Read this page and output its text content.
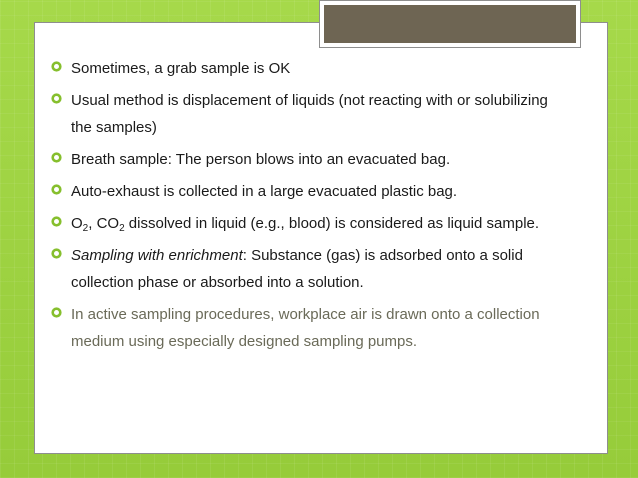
Sometimes, a grab sample is OK
Usual method is displacement of liquids (not reacting with or solubilizing the samples)
Breath sample: The person blows into an evacuated bag.
Auto-exhaust is collected in a large evacuated plastic bag.
$O_2$, $CO_2$ dissolved in liquid (e.g., blood) is considered as liquid sample.
Sampling with enrichment: Substance (gas) is adsorbed onto a solid collection phase or absorbed into a solution.
In active sampling procedures, workplace air is drawn onto a collection medium using especially designed sampling pumps.
